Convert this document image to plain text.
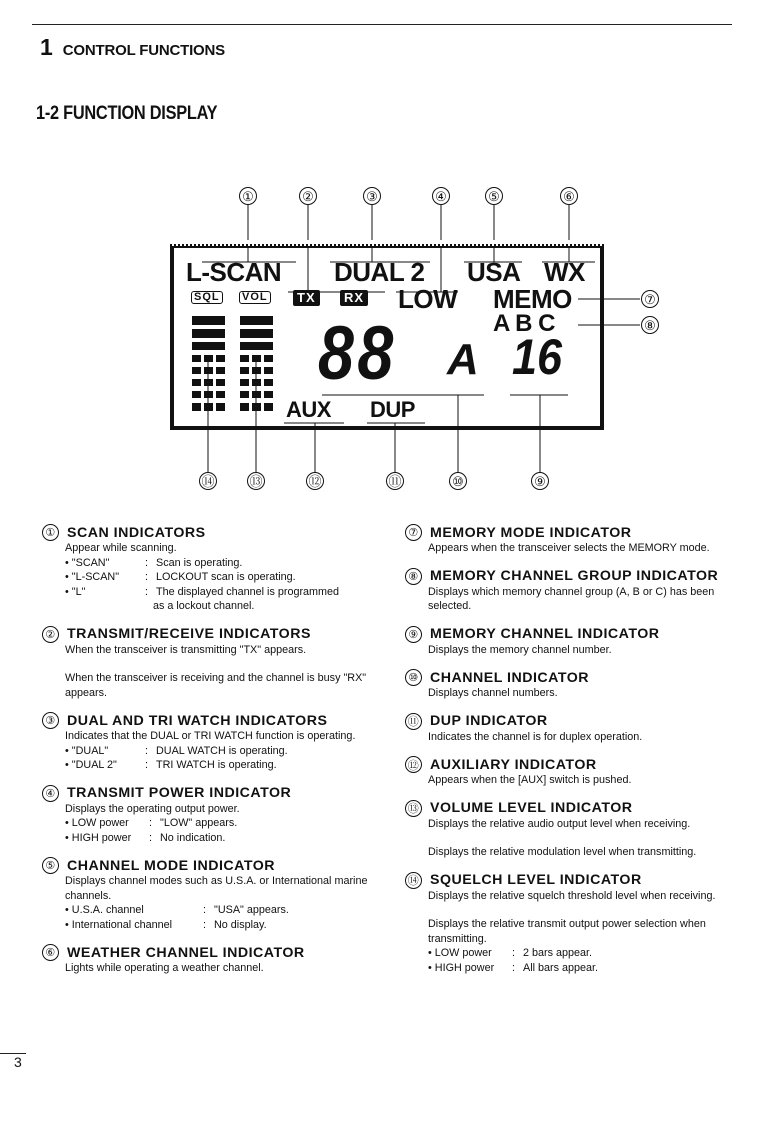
1 CONTROL FUNCTIONS
1-2 FUNCTION DISPLAY
①	②	③	④	⑤	⑥
⑦
⑧
⑭	⑬	⑫	⑪	⑩	⑨
L-SCAN DUAL 2 USA WX
SQL VOL	TX	RX LOW MEMO
A B C
88 A 16
AUX DUP
① SCAN INDICATORS

Appear while scanning.

• "SCAN"	: Scan is operating.
• "L-SCAN"	: LOCKOUT scan is operating.
• "L"	: The displayed channel is programmed

as a lockout channel.

② TRANSMIT/RECEIVE INDICATORS

When the transceiver is transmitting "TX" appears.

When the transceiver is receiving and the channel is busy "RX" appears.

③ DUAL AND TRI WATCH INDICATORS

Indicates that the DUAL or TRI WATCH function is operating.

• "DUAL"	: DUAL WATCH is operating.
• "DUAL 2"	: TRI WATCH is operating.
④ TRANSMIT POWER INDICATOR

Displays the operating output power.

• LOW power	: "LOW" appears.
• HIGH power	: No indication.
⑤ CHANNEL MODE INDICATOR

Displays channel modes such as U.S.A. or International marine channels.

• U.S.A. channel	: "USA" appears.
• International channel	: No display.
⑥ WEATHER CHANNEL INDICATOR

Lights while operating a weather channel.

⑦ MEMORY MODE INDICATOR

Appears when the transceiver selects the MEMORY mode.

⑧ MEMORY CHANNEL GROUP INDICATOR

Displays which memory channel group (A, B or C) has been selected.

⑨ MEMORY CHANNEL INDICATOR

Displays the memory channel number.

⑩ CHANNEL INDICATOR

Displays channel numbers.

⑪ DUP INDICATOR

Indicates the channel is for duplex operation.

⑫ AUXILIARY INDICATOR

Appears when the [AUX] switch is pushed.

⑬ VOLUME LEVEL INDICATOR

Displays the relative audio output level when receiving.

Displays the relative modulation level when transmitting.

⑭ SQUELCH LEVEL INDICATOR

Displays the relative squelch threshold level when receiving.

Displays the relative transmit output power selection when transmitting.

• LOW power	: 2 bars appear.
• HIGH power	: All bars appear.
3
